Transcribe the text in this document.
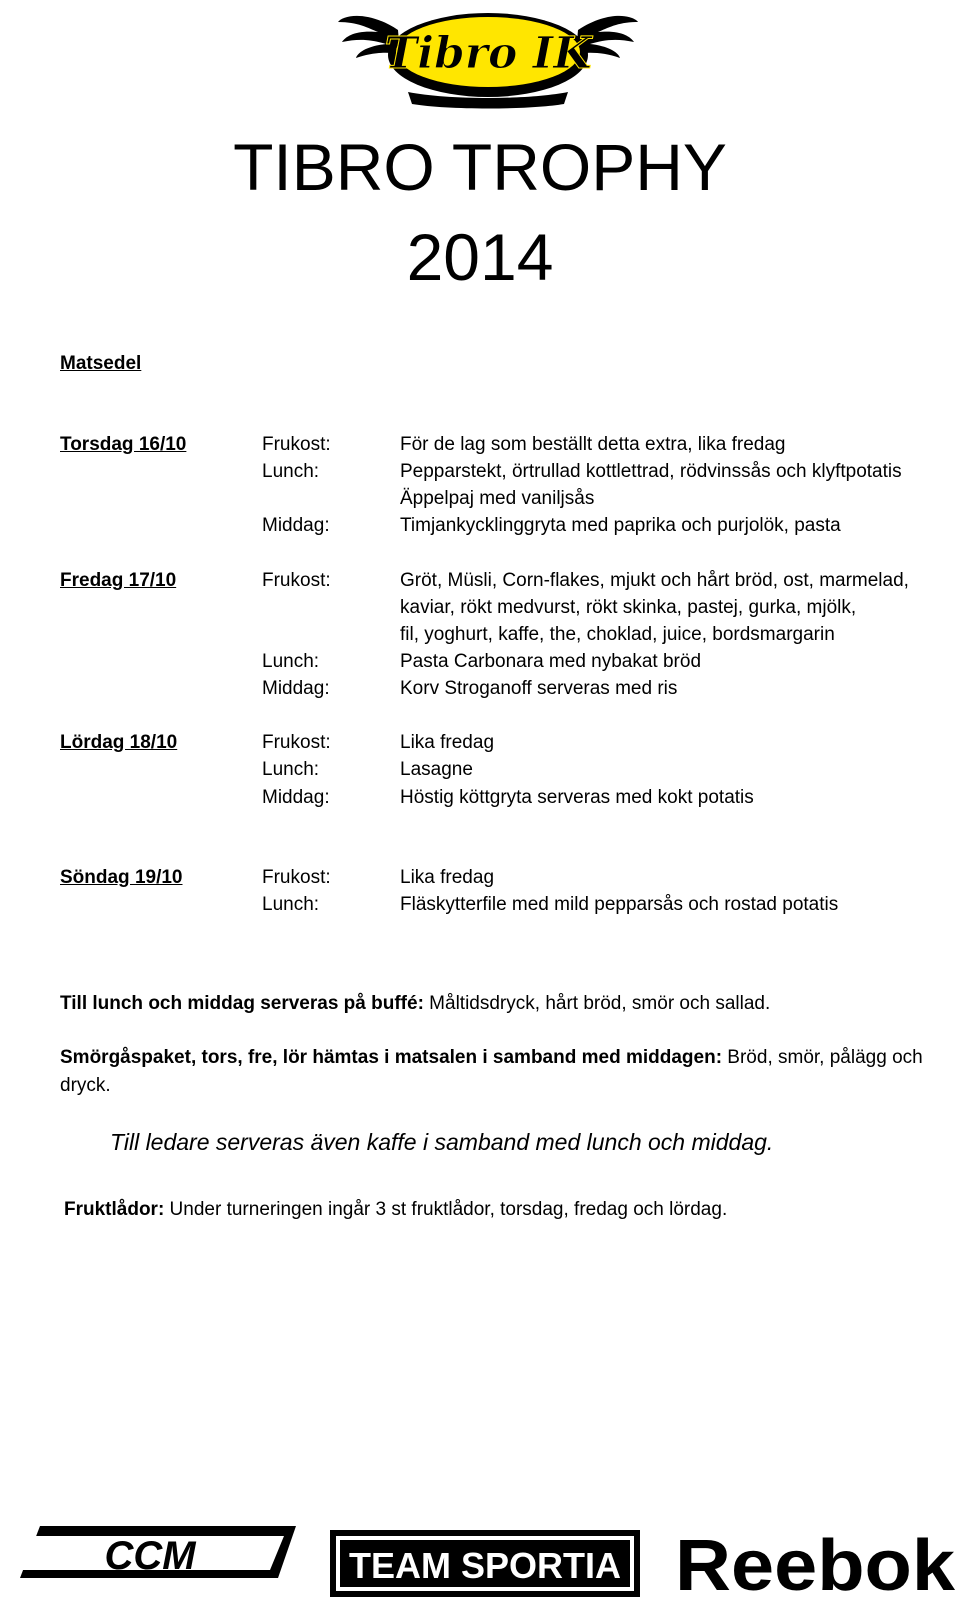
Tibro IK
TIBRO TROPHY
2014
Matsedel
Torsdag 16/10	Frukost:	För de lag som beställt detta extra, lika fredag
Lunch:	Pepparstekt, örtrullad kottlettrad, rödvinssås och klyftpotatis
Äppelpaj med vaniljsås
Middag:	Timjankycklinggryta med paprika och purjolök, pasta
Fredag 17/10	Frukost:	Gröt, Müsli, Corn-flakes, mjukt och hårt bröd, ost, marmelad,
kaviar, rökt medvurst, rökt skinka, pastej, gurka, mjölk,
fil, yoghurt, kaffe, the, choklad, juice, bordsmargarin
Lunch:	Pasta Carbonara med nybakat bröd
Middag:	Korv Stroganoff serveras med ris
Lördag 18/10	Frukost:	Lika fredag
Lunch:	Lasagne
Middag:	Höstig köttgryta serveras med kokt potatis
Söndag 19/10	Frukost:	Lika fredag
Lunch:	Fläskytterfile med mild pepparsås och rostad potatis
Till lunch och middag serveras på buffé: Måltidsdryck, hårt bröd, smör och sallad.
Smörgåspaket, tors, fre, lör hämtas i matsalen i samband med middagen: Bröd, smör, pålägg och
dryck.
Till ledare serveras även kaffe i samband med lunch och middag.
Fruktlådor: Under turneringen ingår 3 st fruktlådor, torsdag, fredag och lördag.
CCM	TEAM SPORTIA Reebok
